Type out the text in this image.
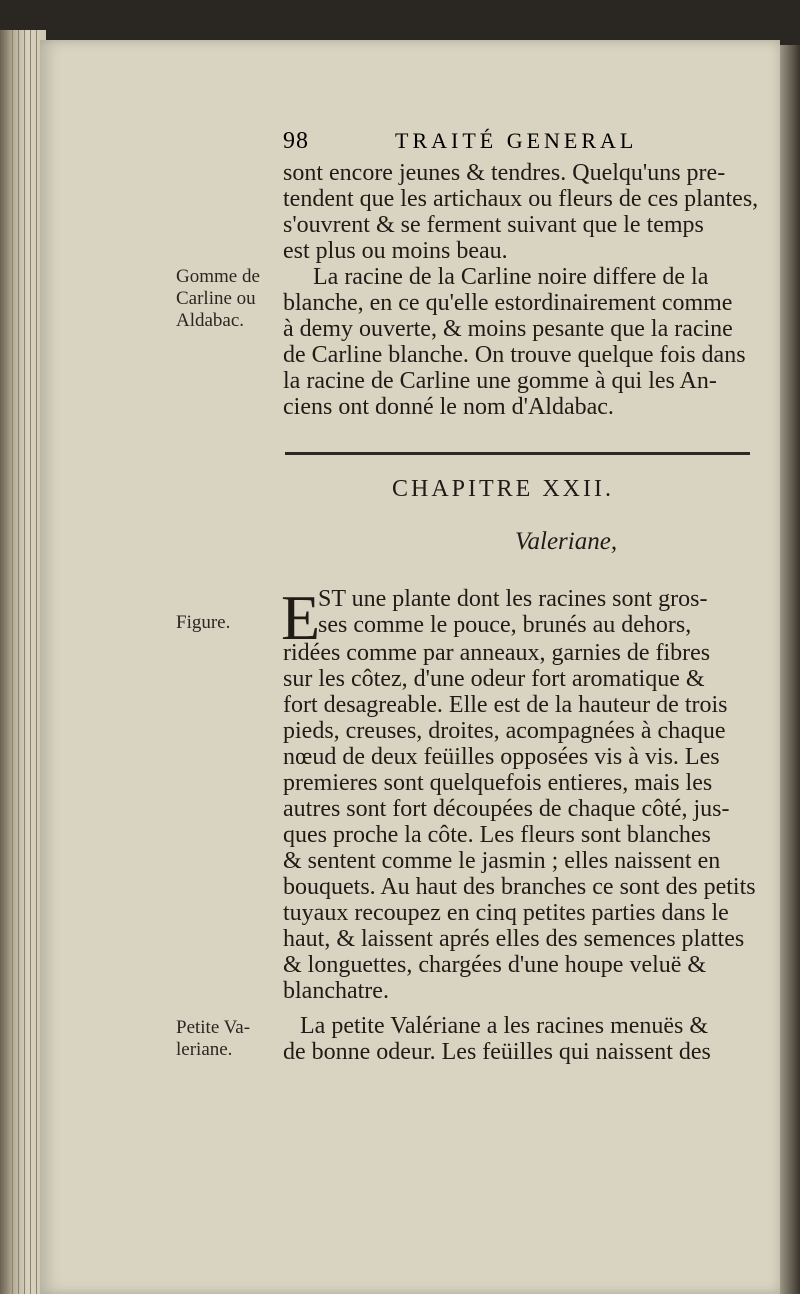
98	TRAITÉ GENERAL
sont encore jeunes & tendres. Quelqu'uns pre-
tendent que les artichaux ou fleurs de ces plantes,
s'ouvrent & se ferment suivant que le temps
est plus ou moins beau.
La racine de la Carline noire differe de la
blanche, en ce qu'elle estordinairement comme
à demy ouverte, & moins pesante que la racine
de Carline blanche. On trouve quelque fois dans
la racine de Carline une gomme à qui les An-
ciens ont donné le nom d'Aldabac.
Gomme de
Carline ou
Aldabac.
CHAPITRE XXII.
Valeriane,
E
ST une plante dont les racines sont gros-
ses comme le pouce, brunés au dehors,
ridées comme par anneaux, garnies de fibres
sur les côtez, d'une odeur fort aromatique &
fort desagreable. Elle est de la hauteur de trois
pieds, creuses, droites, acompagnées à chaque
nœud de deux feüilles opposées vis à vis. Les
premieres sont quelquefois entieres, mais les
autres sont fort découpées de chaque côté, jus-
ques proche la côte. Les fleurs sont blanches
& sentent comme le jasmin ; elles naissent en
bouquets. Au haut des branches ce sont des petits
tuyaux recoupez en cinq petites parties dans le
haut, & laissent aprés elles des semences plattes
& longuettes, chargées d'une houpe veluë &
blanchatre.
Figure.
La petite Valériane a les racines menuës &
de bonne odeur. Les feüilles qui naissent des
Petite Va-
leriane.
